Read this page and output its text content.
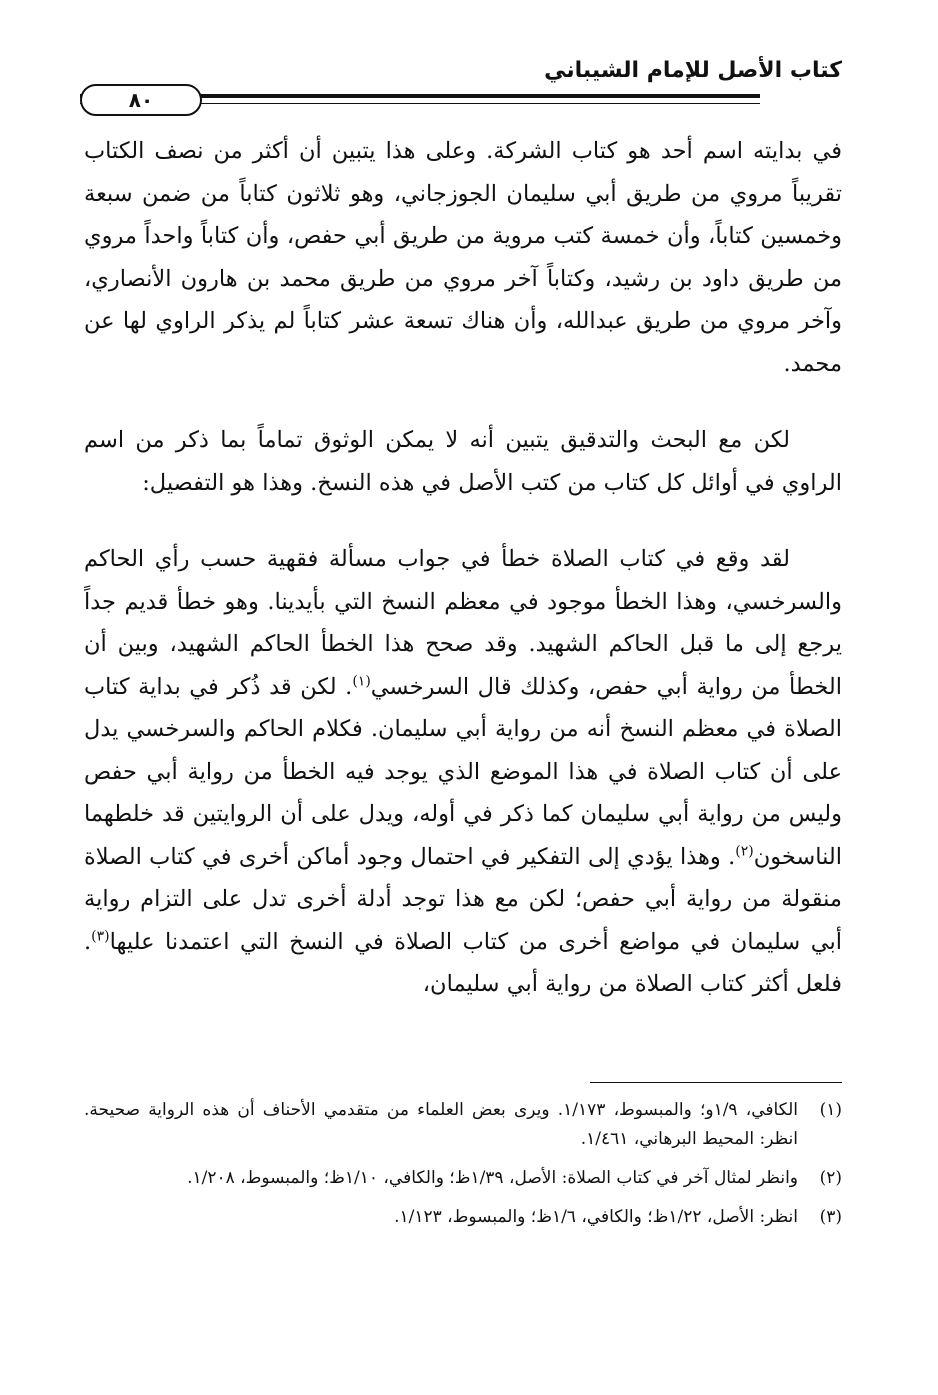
كتاب الأصل للإمام الشيباني
٨٠

في بدايته اسم أحد هو كتاب الشركة. وعلى هذا يتبين أن أكثر من نصف الكتاب تقريباً مروي من طريق أبي سليمان الجوزجاني، وهو ثلاثون كتاباً من ضمن سبعة وخمسين كتاباً، وأن خمسة كتب مروية من طريق أبي حفص، وأن كتاباً واحداً مروي من طريق داود بن رشيد، وكتاباً آخر مروي من طريق محمد بن هارون الأنصاري، وآخر مروي من طريق عبدالله، وأن هناك تسعة عشر كتاباً لم يذكر الراوي لها عن محمد.

لكن مع البحث والتدقيق يتبين أنه لا يمكن الوثوق تماماً بما ذكر من اسم الراوي في أوائل كل كتاب من كتب الأصل في هذه النسخ. وهذا هو التفصيل:

لقد وقع في كتاب الصلاة خطأ في جواب مسألة فقهية حسب رأي الحاكم والسرخسي، وهذا الخطأ موجود في معظم النسخ التي بأيدينا. وهو خطأ قديم جداً يرجع إلى ما قبل الحاكم الشهيد. وقد صحح هذا الخطأ الحاكم الشهيد، وبين أن الخطأ من رواية أبي حفص، وكذلك قال السرخسي$^{(١)}$. لكن قد ذُكر في بداية كتاب الصلاة في معظم النسخ أنه من رواية أبي سليمان. فكلام الحاكم والسرخسي يدل على أن كتاب الصلاة في هذا الموضع الذي يوجد فيه الخطأ من رواية أبي حفص وليس من رواية أبي سليمان كما ذكر في أوله، ويدل على أن الروايتين قد خلطهما الناسخون$^{(٢)}$. وهذا يؤدي إلى التفكير في احتمال وجود أماكن أخرى في كتاب الصلاة منقولة من رواية أبي حفص؛ لكن مع هذا توجد أدلة أخرى تدل على التزام رواية أبي سليمان في مواضع أخرى من كتاب الصلاة في النسخ التي اعتمدنا عليها$^{(٣)}$. فلعل أكثر كتاب الصلاة من رواية أبي سليمان،

(١)
الكافي، ١/٩و؛ والمبسوط، ١/١٧٣. ويرى بعض العلماء من متقدمي الأحناف أن هذه الرواية صحيحة. انظر: المحيط البرهاني، ١/٤٦١.
(٢)
وانظر لمثال آخر في كتاب الصلاة: الأصل، ١/٣٩ظ؛ والكافي، ١/١٠ظ؛ والمبسوط، ١/٢٠٨.
(٣)
انظر: الأصل، ١/٢٢ظ؛ والكافي، ١/٦ظ؛ والمبسوط، ١/١٢٣.
